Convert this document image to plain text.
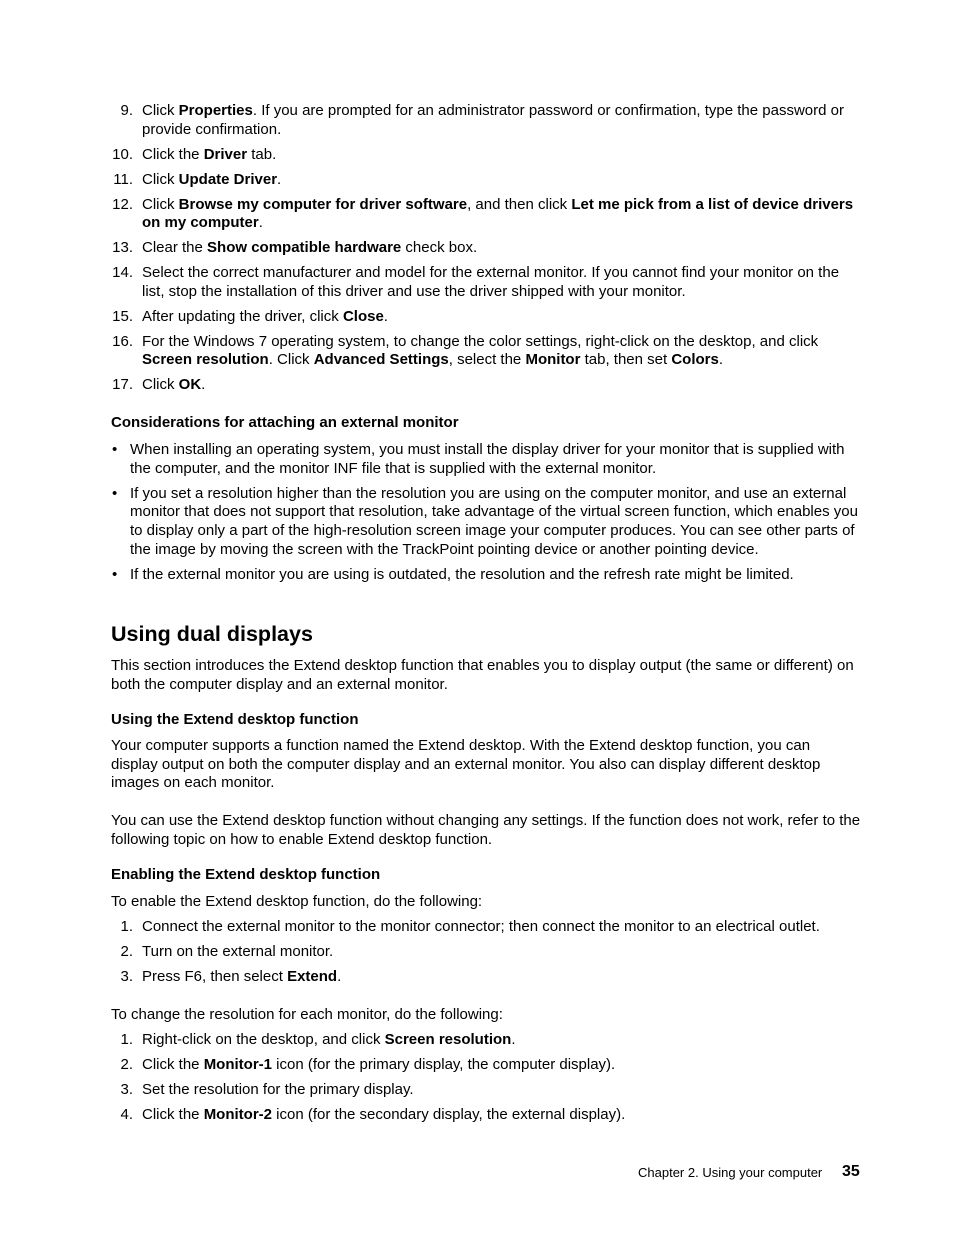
9. Click Properties. If you are prompted for an administrator password or confirmation, type the password or provide confirmation.
10. Click the Driver tab.
11. Click Update Driver.
12. Click Browse my computer for driver software, and then click Let me pick from a list of device drivers on my computer.
13. Clear the Show compatible hardware check box.
14. Select the correct manufacturer and model for the external monitor. If you cannot find your monitor on the list, stop the installation of this driver and use the driver shipped with your monitor.
15. After updating the driver, click Close.
16. For the Windows 7 operating system, to change the color settings, right-click on the desktop, and click Screen resolution. Click Advanced Settings, select the Monitor tab, then set Colors.
17. Click OK.
Considerations for attaching an external monitor
• When installing an operating system, you must install the display driver for your monitor that is supplied with the computer, and the monitor INF file that is supplied with the external monitor.
• If you set a resolution higher than the resolution you are using on the computer monitor, and use an external monitor that does not support that resolution, take advantage of the virtual screen function, which enables you to display only a part of the high-resolution screen image your computer produces. You can see other parts of the image by moving the screen with the TrackPoint pointing device or another pointing device.
• If the external monitor you are using is outdated, the resolution and the refresh rate might be limited.
Using dual displays

This section introduces the Extend desktop function that enables you to display output (the same or different) on both the computer display and an external monitor.

Using the Extend desktop function

Your computer supports a function named the Extend desktop. With the Extend desktop function, you can display output on both the computer display and an external monitor. You also can display different desktop images on each monitor.

You can use the Extend desktop function without changing any settings. If the function does not work, refer to the following topic on how to enable Extend desktop function.

Enabling the Extend desktop function

To enable the Extend desktop function, do the following:

1. Connect the external monitor to the monitor connector; then connect the monitor to an electrical outlet.
2. Turn on the external monitor.
3. Press F6, then select Extend.

To change the resolution for each monitor, do the following:

1. Right-click on the desktop, and click Screen resolution.
2. Click the Monitor-1 icon (for the primary display, the computer display).
3. Set the resolution for the primary display.
4. Click the Monitor-2 icon (for the secondary display, the external display).
Chapter 2. Using your computer 35
